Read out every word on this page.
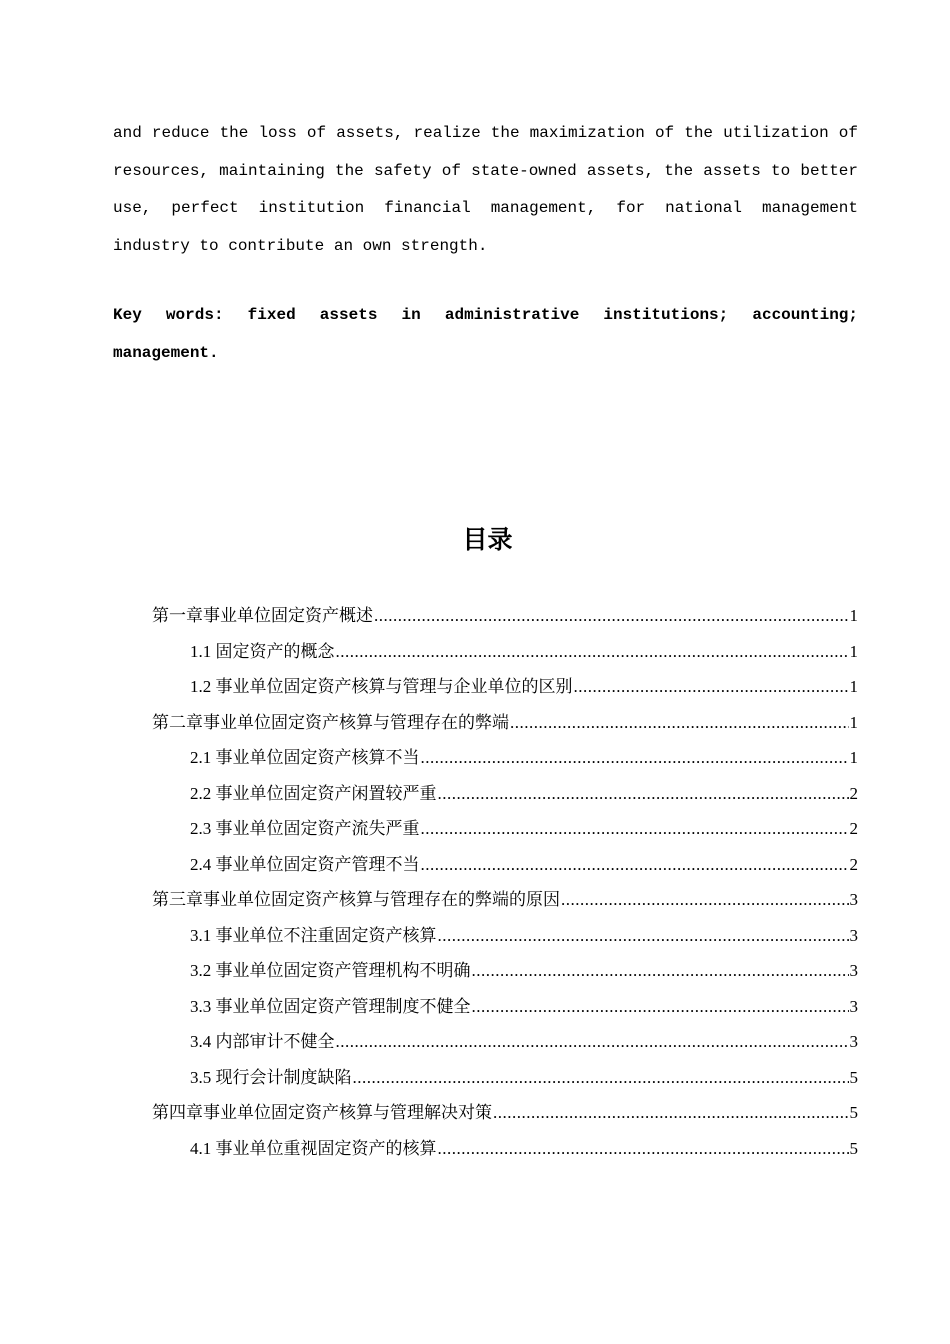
and reduce the loss of assets, realize the maximization of the utilization of
resources, maintaining the safety of state-owned assets, the assets to better
use, perfect institution financial management, for national management
industry to contribute an own strength.
Key words: fixed assets in administrative institutions; accounting;
management.
目录
第一章事业单位固定资产概述 .....	1
1.1 固定资产的概念 .....	1
1.2 事业单位固定资产核算与管理与企业单位的区别 .....	1
第二章事业单位固定资产核算与管理存在的弊端 .....	1
2.1 事业单位固定资产核算不当 .....	1
2.2 事业单位固定资产闲置较严重 .....	2
2.3 事业单位固定资产流失严重 .....	2
2.4 事业单位固定资产管理不当 .....	2
第三章事业单位固定资产核算与管理存在的弊端的原因 .....	3
3.1 事业单位不注重固定资产核算 .....	3
3.2 事业单位固定资产管理机构不明确 .....	3
3.3 事业单位固定资产管理制度不健全 .....	3
3.4 内部审计不健全 .....	3
3.5 现行会计制度缺陷 .....	5
第四章事业单位固定资产核算与管理解决对策 .....	5
4.1 事业单位重视固定资产的核算 .....	5
